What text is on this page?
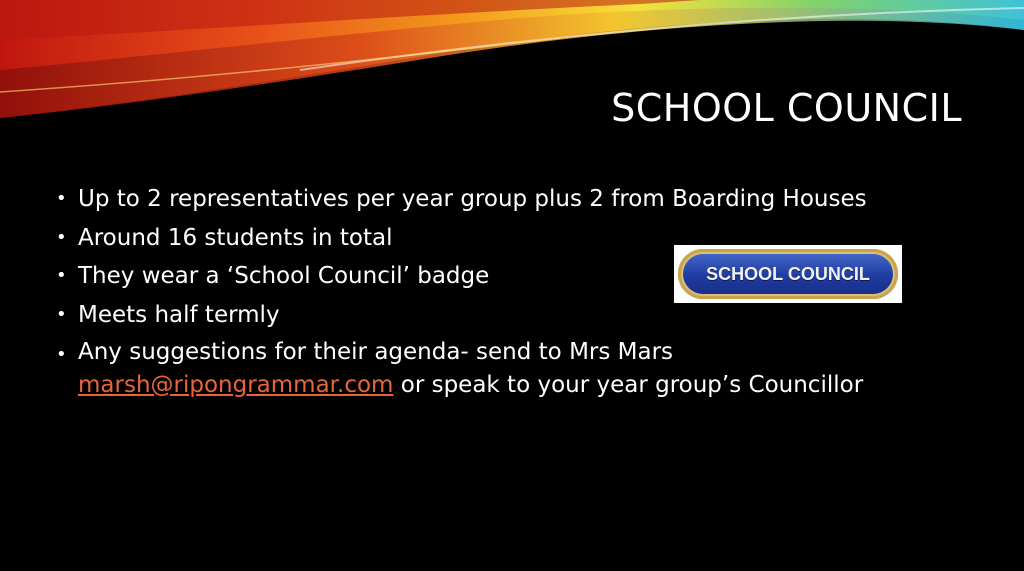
SCHOOL COUNCIL
• Up to 2 representatives per year group plus 2 from Boarding Houses
• Around 16 students in total
• They wear a ‘School Council’ badge
• Meets half termly
• Any suggestions for their agenda- send to Mrs Mars
marsh@ripongrammar.com or speak to your year group’s Councillor
SCHOOL COUNCIL
